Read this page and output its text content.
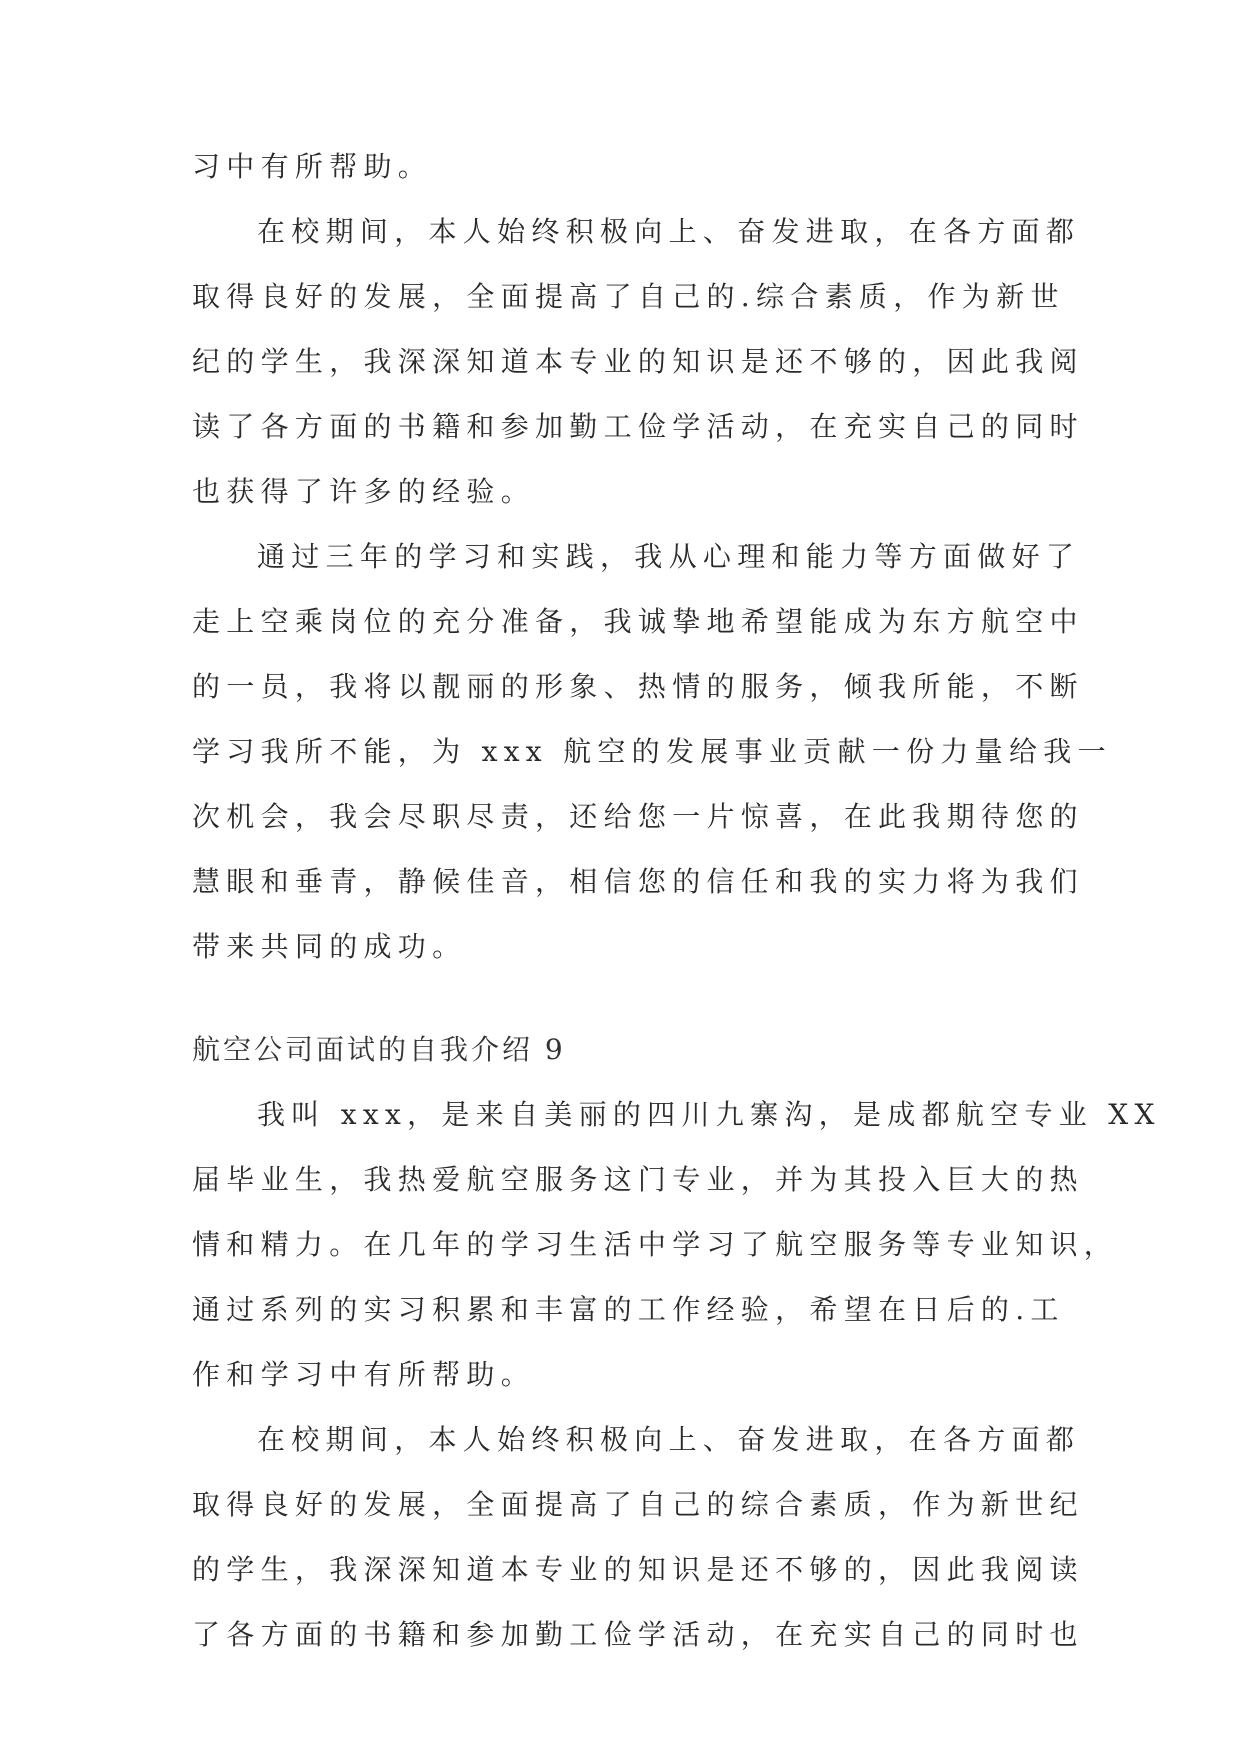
习中有所帮助。
在校期间，本人始终积极向上、奋发进取，在各方面都
取得良好的发展，全面提高了自己的.综合素质，作为新世
纪的学生，我深深知道本专业的知识是还不够的，因此我阅
读了各方面的书籍和参加勤工俭学活动，在充实自己的同时
也获得了许多的经验。
通过三年的学习和实践，我从心理和能力等方面做好了
走上空乘岗位的充分准备，我诚挚地希望能成为东方航空中
的一员，我将以靓丽的形象、热情的服务，倾我所能，不断
学习我所不能，为 xxx 航空的发展事业贡献一份力量给我一
次机会，我会尽职尽责，还给您一片惊喜，在此我期待您的
慧眼和垂青，静候佳音，相信您的信任和我的实力将为我们
带来共同的成功。
航空公司面试的自我介绍 9
我叫 xxx，是来自美丽的四川九寨沟，是成都航空专业 XX
届毕业生，我热爱航空服务这门专业，并为其投入巨大的热
情和精力。在几年的学习生活中学习了航空服务等专业知识，
通过系列的实习积累和丰富的工作经验，希望在日后的.工
作和学习中有所帮助。
在校期间，本人始终积极向上、奋发进取，在各方面都
取得良好的发展，全面提高了自己的综合素质，作为新世纪
的学生，我深深知道本专业的知识是还不够的，因此我阅读
了各方面的书籍和参加勤工俭学活动，在充实自己的同时也
